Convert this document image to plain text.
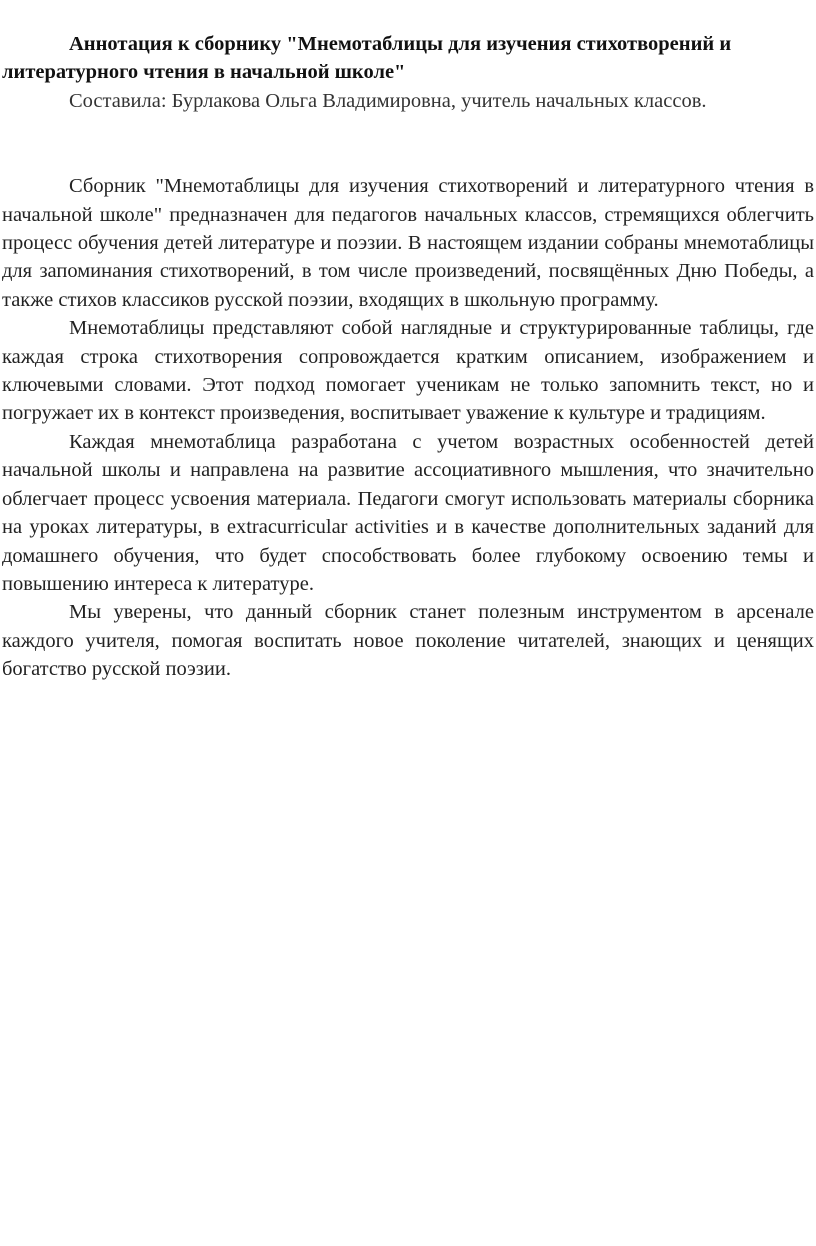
Аннотация к сборнику "Мнемотаблицы для изучения стихотворений и литературного чтения в начальной школе"

Составила: Бурлакова Ольга Владимировна, учитель начальных классов.

Сборник "Мнемотаблицы для изучения стихотворений и литературного чтения в начальной школе" предназначен для педагогов начальных классов, стремящихся облегчить процесс обучения детей литературе и поэзии. В настоящем издании собраны мнемотаблицы для запоминания стихотворений, в том числе произведений, посвящённых Дню Победы, а также стихов классиков русской поэзии, входящих в школьную программу.

Мнемотаблицы представляют собой наглядные и структурированные таблицы, где каждая строка стихотворения сопровождается кратким описанием, изображением и ключевыми словами. Этот подход помогает ученикам не только запомнить текст, но и погружает их в контекст произведения, воспитывает уважение к культуре и традициям.

Каждая мнемотаблица разработана с учетом возрастных особенностей детей начальной школы и направлена на развитие ассоциативного мышления, что значительно облегчает процесс усвоения материала. Педагоги смогут использовать материалы сборника на уроках литературы, в extracurricular activities и в качестве дополнительных заданий для домашнего обучения, что будет способствовать более глубокому освоению темы и повышению интереса к литературе.

Мы уверены, что данный сборник станет полезным инструментом в арсенале каждого учителя, помогая воспитать новое поколение читателей, знающих и ценящих богатство русской поэзии.
